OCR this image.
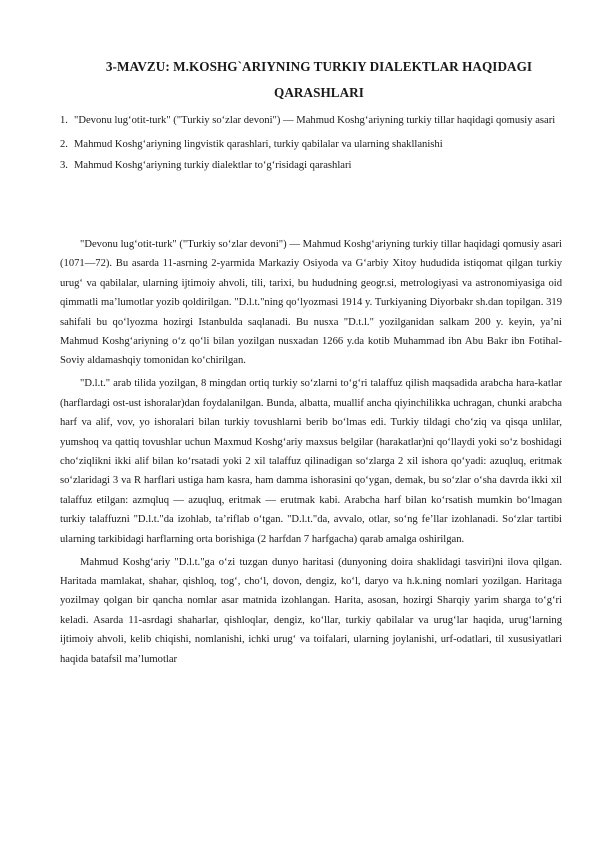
3-MAVZU: M.KOSHG`ARIYNING TURKIY DIALEKTLAR HAQIDAGI
QARASHLARI
1. "Devonu lug‘otit-turk" ("Turkiy so‘zlar devoni") — Mahmud Koshg‘ariyning turkiy tillar haqidagi qomusiy asari
2. Mahmud Koshg‘ariyning lingvistik qarashlari, turkiy qabilalar va ularning shakllanishi
3. Mahmud Koshg‘ariyning turkiy dialektlar to‘g‘risidagi qarashlari

"Devonu lug‘otit-turk" ("Turkiy so‘zlar devoni") — Mahmud Koshg‘ariyning turkiy tillar haqidagi qomusiy asari (1071—72). Bu asarda 11-asrning 2-yarmida Markaziy Osiyoda va G‘arbiy Xitoy hududida istiqomat qilgan turkiy urug‘ va qabilalar, ularning ijtimoiy ahvoli, tili, tarixi, bu hududning geogr.si, metrologiyasi va astronomiyasiga oid qimmatli ma’lumotlar yozib qoldirilgan. "D.l.t."ning qo‘lyozmasi 1914 y. Turkiyaning Diyorbakr sh.dan topilgan. 319 sahifali bu qo‘lyozma hozirgi Istanbulda saqlanadi. Bu nusxa "D.t.l." yozilganidan salkam 200 y. keyin, ya’ni Mahmud Koshg‘ariyning o‘z qo‘li bilan yozilgan nusxadan 1266 y.da kotib Muhammad ibn Abu Bakr ibn Fotihal-Soviy aldamashqiy tomonidan ko‘chirilgan.

"D.l.t." arab tilida yozilgan, 8 mingdan ortiq turkiy so‘zlarni to‘g‘ri talaffuz qilish maqsadida arabcha hara-katlar (harflardagi ost-ust ishoralar)dan foydalanilgan. Bunda, albatta, muallif ancha qiyinchilikka uchragan, chunki arabcha harf va alif, vov, yo ishoralari bilan turkiy tovushlarni berib bo‘lmas edi. Turkiy tildagi cho‘ziq va qisqa unlilar, yumshoq va qattiq tovushlar uchun Maxmud Koshg‘ariy maxsus belgilar (harakatlar)ni qo‘llaydi yoki so‘z boshidagi cho‘ziqlikni ikki alif bilan ko‘rsatadi yoki 2 xil talaffuz qilinadigan so‘zlarga 2 xil ishora qo‘yadi: azuqluq, eritmak so‘zlaridagi 3 va R harflari ustiga ham kasra, ham damma ishorasini qo‘ygan, demak, bu so‘zlar o‘sha davrda ikki xil talaffuz etilgan: azmqluq — azuqluq, eritmak — erutmak kabi. Arabcha harf bilan ko‘rsatish mumkin bo‘lmagan turkiy talaffuzni "D.l.t."da izohlab, ta’riflab o‘tgan. "D.l.t."da, avvalo, otlar, so‘ng fe’llar izohlanadi. So‘zlar tartibi ularning tarkibidagi harflarning orta borishiga (2 harfdan 7 harfgacha) qarab amalga oshirilgan.

Mahmud Koshg‘ariy "D.l.t."ga o‘zi tuzgan dunyo haritasi (dunyoning doira shaklidagi tasviri)ni ilova qilgan. Haritada mamlakat, shahar, qishloq, tog‘, cho‘l, dovon, dengiz, ko‘l, daryo va h.k.ning nomlari yozilgan. Haritaga yozilmay qolgan bir qancha nomlar asar matnida izohlangan. Harita, asosan, hozirgi Sharqiy yarim sharga to‘g‘ri keladi. Asarda 11-asrdagi shaharlar, qishloqlar, dengiz, ko‘llar, turkiy qabilalar va urug‘lar haqida, urug‘larning ijtimoiy ahvoli, kelib chiqishi, nomlanishi, ichki urug‘ va toifalari, ularning joylanishi, urf-odatlari, til xususiyatlari haqida batafsil ma’lumotlar
